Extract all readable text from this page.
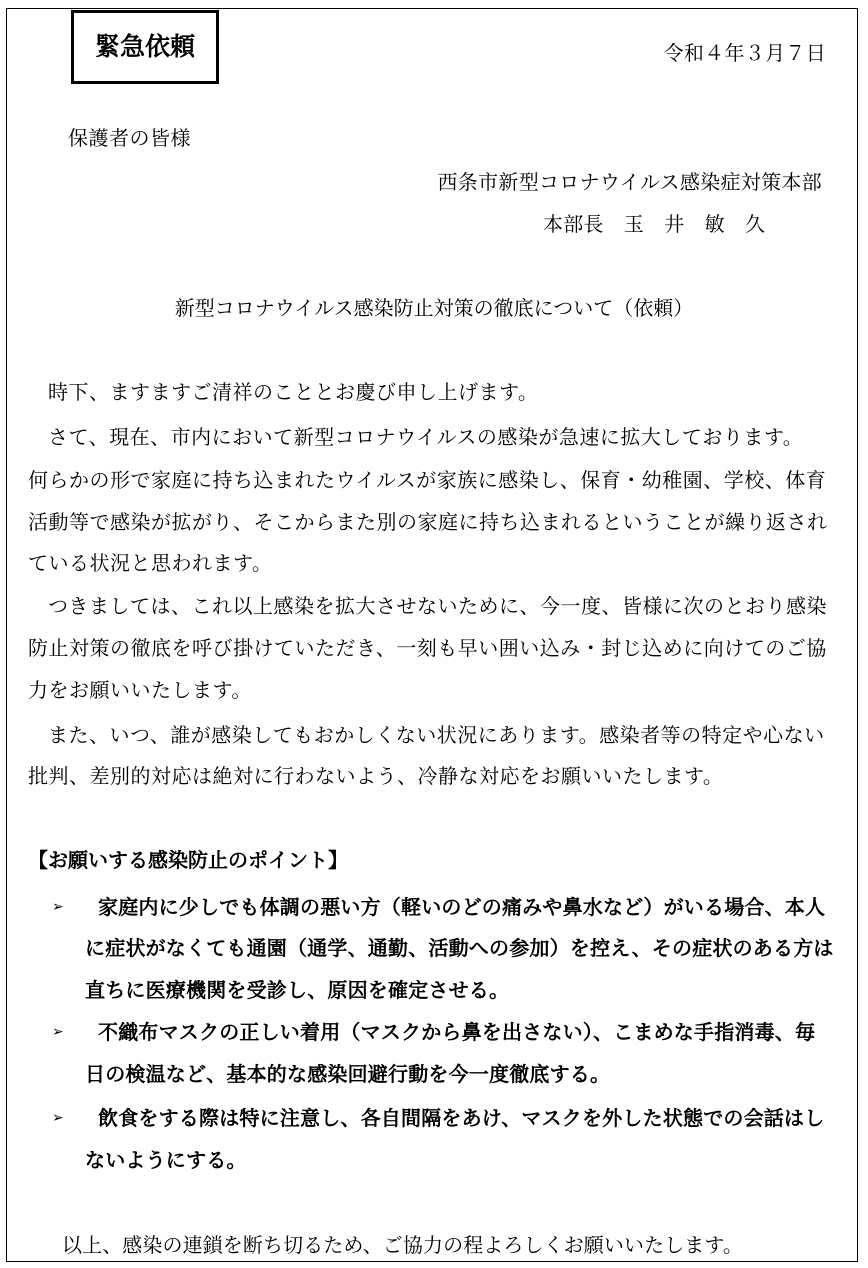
緊急依頼	令和４年３月７日
保護者の皆様
西条市新型コロナウイルス感染症対策本部
本部長　玉　井　敏　久
新型コロナウイルス感染防止対策の徹底について（依頼）
時下、ますますご清祥のこととお慶び申し上げます。
さて、現在、市内において新型コロナウイルスの感染が急速に拡大しております。
何らかの形で家庭に持ち込まれたウイルスが家族に感染し、保育・幼稚園、学校、体育
活動等で感染が拡がり、そこからまた別の家庭に持ち込まれるということが繰り返され
ている状況と思われます。
つきましては、これ以上感染を拡大させないために、今一度、皆様に次のとおり感染
防止対策の徹底を呼び掛けていただき、一刻も早い囲い込み・封じ込めに向けてのご協
力をお願いいたします。
また、いつ、誰が感染してもおかしくない状況にあります。感染者等の特定や心ない
批判、差別的対応は絶対に行わないよう、冷静な対応をお願いいたします。
【お願いする感染防止のポイント】
➢	家庭内に少しでも体調の悪い方（軽いのどの痛みや鼻水など）がいる場合、本人
に症状がなくても通園（通学、通勤、活動への参加）を控え、その症状のある方は
直ちに医療機関を受診し、原因を確定させる。
➢	不織布マスクの正しい着用（マスクから鼻を出さない）、こまめな手指消毒、毎
日の検温など、基本的な感染回避行動を今一度徹底する。
➢	飲食をする際は特に注意し、各自間隔をあけ、マスクを外した状態での会話はし
ないようにする。
以上、感染の連鎖を断ち切るため、ご協力の程よろしくお願いいたします。
